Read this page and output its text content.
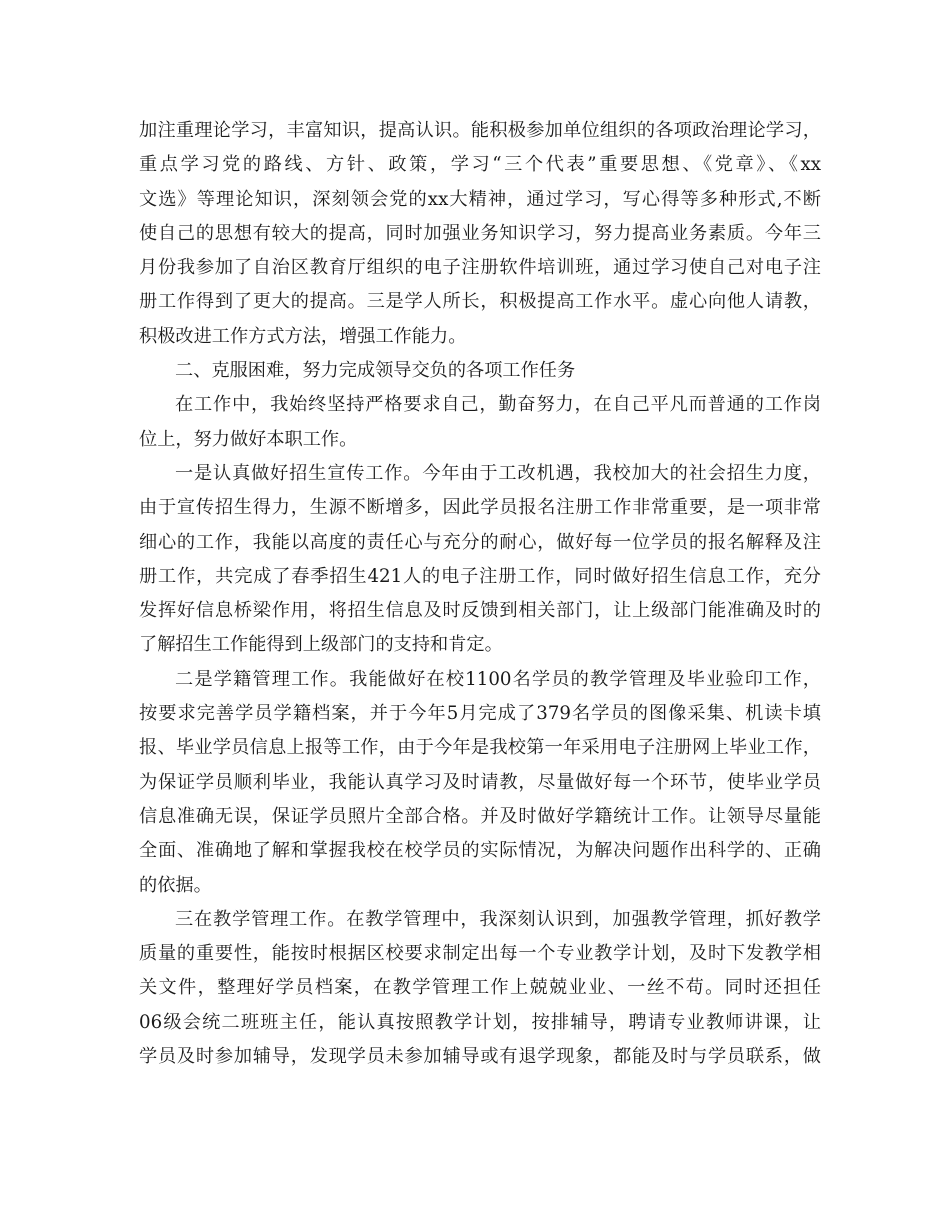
加注重理论学习，丰富知识，提高认识。能积极参加单位组织的各项政治理论学习，
重点学习党的路线、方针、政策，学习“三个代表”重要思想、《党章》、《xx
文选》等理论知识，深刻领会党的xx大精神，通过学习，写心得等多种形式,不断
使自己的思想有较大的提高，同时加强业务知识学习，努力提高业务素质。今年三
月份我参加了自治区教育厅组织的电子注册软件培训班，通过学习使自己对电子注
册工作得到了更大的提高。三是学人所长，积极提高工作水平。虚心向他人请教，
积极改进工作方式方法，增强工作能力。
二、克服困难，努力完成领导交负的各项工作任务
在工作中，我始终坚持严格要求自己，勤奋努力，在自己平凡而普通的工作岗
位上，努力做好本职工作。
一是认真做好招生宣传工作。今年由于工改机遇，我校加大的社会招生力度，
由于宣传招生得力，生源不断增多，因此学员报名注册工作非常重要，是一项非常
细心的工作，我能以高度的责任心与充分的耐心，做好每一位学员的报名解释及注
册工作，共完成了春季招生421人的电子注册工作，同时做好招生信息工作，充分
发挥好信息桥梁作用，将招生信息及时反馈到相关部门，让上级部门能准确及时的
了解招生工作能得到上级部门的支持和肯定。
二是学籍管理工作。我能做好在校1100名学员的教学管理及毕业验印工作，
按要求完善学员学籍档案，并于今年5月完成了379名学员的图像采集、机读卡填
报、毕业学员信息上报等工作，由于今年是我校第一年采用电子注册网上毕业工作，
为保证学员顺利毕业，我能认真学习及时请教，尽量做好每一个环节，使毕业学员
信息准确无误，保证学员照片全部合格。并及时做好学籍统计工作。让领导尽量能
全面、准确地了解和掌握我校在校学员的实际情况，为解决问题作出科学的、正确
的依据。
三在教学管理工作。在教学管理中，我深刻认识到，加强教学管理，抓好教学
质量的重要性，能按时根据区校要求制定出每一个专业教学计划，及时下发教学相
关文件，整理好学员档案，在教学管理工作上兢兢业业、一丝不苟。同时还担任
06级会统二班班主任，能认真按照教学计划，按排辅导，聘请专业教师讲课，让
学员及时参加辅导，发现学员未参加辅导或有退学现象，都能及时与学员联系，做
